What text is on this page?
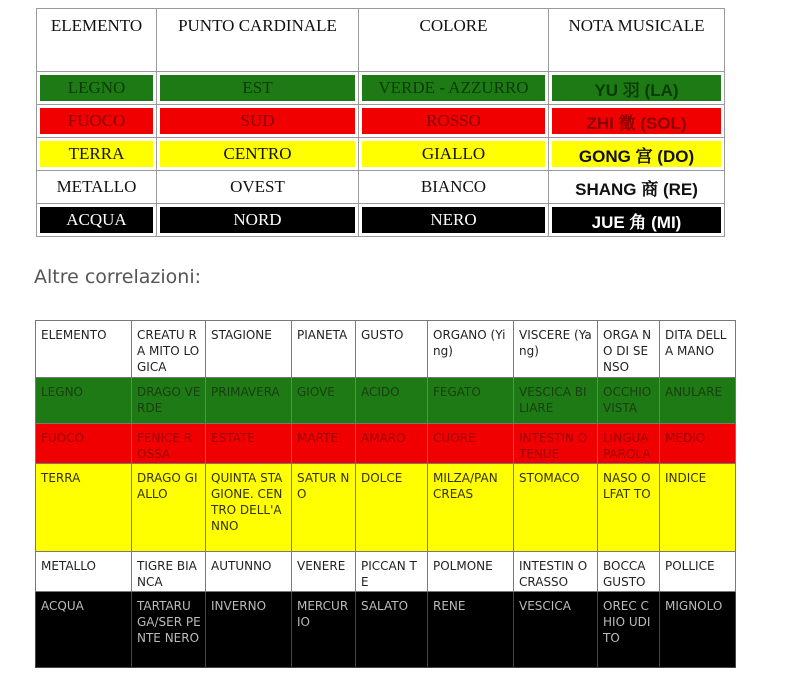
ELEMENTO	PUNTO CARDINALE	COLORE	NOTA MUSICALE

LEGNO	EST	VERDE - AZZURRO	YU 羽 (LA)

FUOCO	SUD	ROSSO	ZHI 徵 (SOL)

TERRA	CENTRO	GIALLO	GONG 宫 (DO)

METALLO	OVEST	BIANCO	SHANG 商 (RE)

ACQUA	NORD	NERO	JUE 角 (MI)
Altre correlazioni:
ELEMENTO	CREATU RA MITO LOGICA	STAGIONE	PIANETA	GUSTO	ORGANO (Ying)	VISCERE (Yang)	ORGA NO DI SENSO	DITA DELLA MANO
LEGNO	DRAGO VERDE	PRIMAVERA	GIOVE	ACIDO	FEGATO	VESCICA BILIARE	OCCHIO VISTA	ANULARE
FUOCO	FENICE ROSSA	ESTATE	MARTE	AMARO	CUORE	INTESTIN O TENUE	LINGUA PAROLA	MEDIO
TERRA	DRAGO GIALLO	QUINTA STAGIONE. CENTRO DELL'ANNO	SATUR NO	DOLCE	MILZA/PAN CREAS	STOMACO	NASO OLFAT TO	INDICE
METALLO	TIGRE BIANCA	AUTUNNO	VENERE	PICCAN TE	POLMONE	INTESTIN O CRASSO	BOCCA GUSTO	POLLICE
ACQUA	TARTARU GA/SER PENTE NERO	INVERNO	MERCUR IO	SALATO	RENE	VESCICA	OREC CHIO UDITO	MIGNOLO
